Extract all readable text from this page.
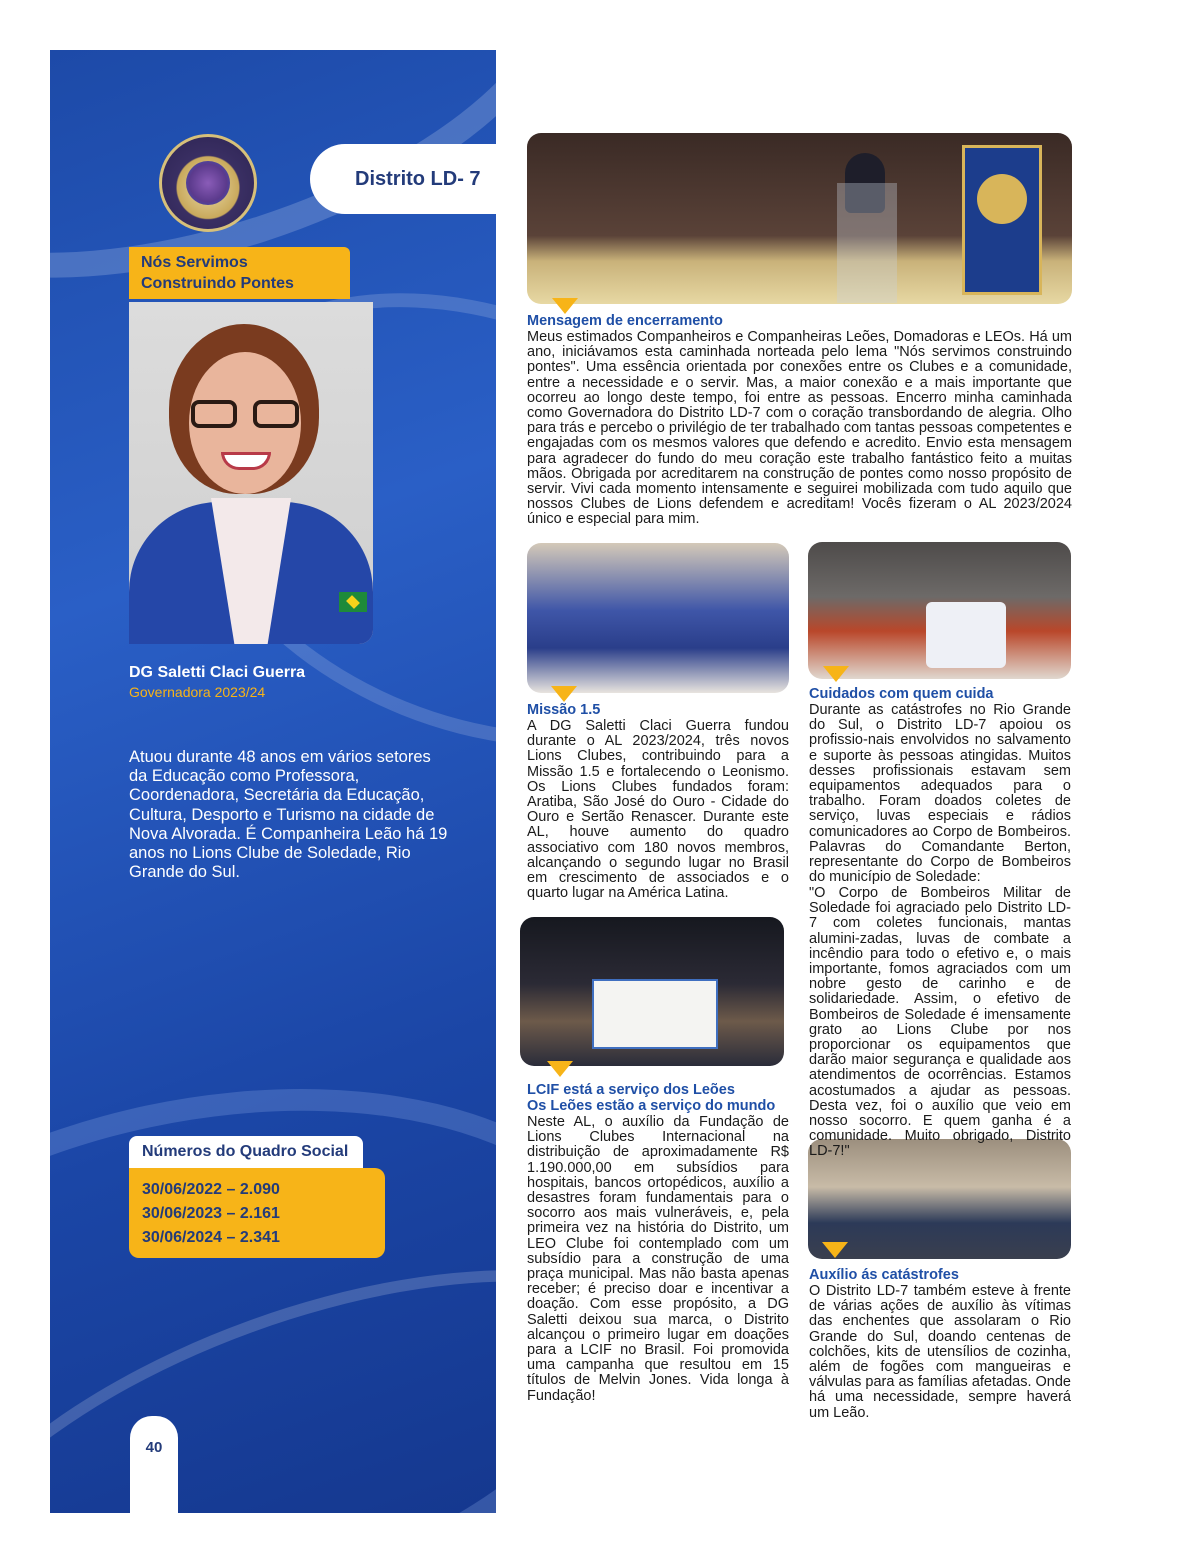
Nós Servimos
Construindo Pontes
DG Saletti Claci Guerra
Governadora 2023/24
Atuou durante 48 anos em vários setores da Educação como Professora, Coordenadora, Secretária da Educação, Cultura, Desporto e Turismo na cidade de Nova Alvorada. É Companheira Leão há 19 anos no Lions Clube de Soledade, Rio Grande do Sul.
Números do Quadro Social
30/06/2022 – 2.090
30/06/2023 – 2.161
30/06/2024 – 2.341
40
Distrito LD- 7
Mensagem de encerramento
Meus estimados Companheiros e Companheiras Leões, Domadoras e LEOs. Há um ano, iniciávamos esta caminhada norteada pelo lema "Nós servimos construindo pontes". Uma essência orientada por conexões entre os Clubes e a comunidade, entre a necessidade e o servir. Mas, a maior conexão e a mais importante que ocorreu ao longo deste tempo, foi entre as pessoas. Encerro minha caminhada como Governadora do Distrito LD-7 com o coração transbordando de alegria. Olho para trás e percebo o privilégio de ter trabalhado com tantas pessoas competentes e engajadas com os mesmos valores que defendo e acredito. Envio esta mensagem para agradecer do fundo do meu coração este trabalho fantástico feito a muitas mãos. Obrigada por acreditarem na construção de pontes como nosso propósito de servir. Vivi cada momento intensamente e seguirei mobilizada com tudo aquilo que nossos Clubes de Lions defendem e acreditam! Vocês fizeram o AL 2023/2024 único e especial para mim.
Missão 1.5
A DG Saletti Claci Guerra fundou durante o AL 2023/2024, três novos Lions Clubes, contribuindo para a Missão 1.5 e fortalecendo o Leonismo. Os Lions Clubes fundados foram: Aratiba, São José do Ouro - Cidade do Ouro e Sertão Renascer. Durante este AL, houve aumento do quadro associativo com 180 novos membros, alcançando o segundo lugar no Brasil em crescimento de associados e o quarto lugar na América Latina.
LCIF está a serviço dos Leões
Os Leões estão a serviço do mundo
Neste AL, o auxílio da Fundação de Lions Clubes Internacional na distribuição de aproximadamente R$ 1.190.000,00 em subsídios para hospitais, bancos ortopédicos, auxílio a desastres foram fundamentais para o socorro aos mais vulneráveis, e, pela primeira vez na história do Distrito, um LEO Clube foi contemplado com um subsídio para a construção de uma praça municipal. Mas não basta apenas receber; é preciso doar e incentivar a doação. Com esse propósito, a DG Saletti deixou sua marca, o Distrito alcançou o primeiro lugar em doações para a LCIF no Brasil. Foi promovida uma campanha que resultou em 15 títulos de Melvin Jones. Vida longa à Fundação!
Cuidados com quem cuida
Durante as catástrofes no Rio Grande do Sul, o Distrito LD-7 apoiou os profissio-nais envolvidos no salvamento e suporte às pessoas atingidas. Muitos desses profissionais estavam sem equipamentos adequados para o trabalho. Foram doados coletes de serviço, luvas especiais e rádios comunicadores ao Corpo de Bombeiros. Palavras do Comandante Berton, representante do Corpo de Bombeiros do município de Soledade:
"O Corpo de Bombeiros Militar de Soledade foi agraciado pelo Distrito LD-7 com coletes funcionais, mantas alumini-zadas, luvas de combate a incêndio para todo o efetivo e, o mais importante, fomos agraciados com um nobre gesto de carinho e de solidariedade. Assim, o efetivo de Bombeiros de Soledade é imensamente grato ao Lions Clube por nos proporcionar os equipamentos que darão maior segurança e qualidade aos atendimentos de ocorrências. Estamos acostumados a ajudar as pessoas. Desta vez, foi o auxílio que veio em nosso socorro. E quem ganha é a comunidade. Muito obrigado, Distrito LD-7!"
Auxílio ás catástrofes
O Distrito LD-7 também esteve à frente de várias ações de auxílio às vítimas das enchentes que assolaram o Rio Grande do Sul, doando centenas de colchões, kits de utensílios de cozinha, além de fogões com mangueiras e válvulas para as famílias afetadas. Onde há uma necessidade, sempre haverá um Leão.
